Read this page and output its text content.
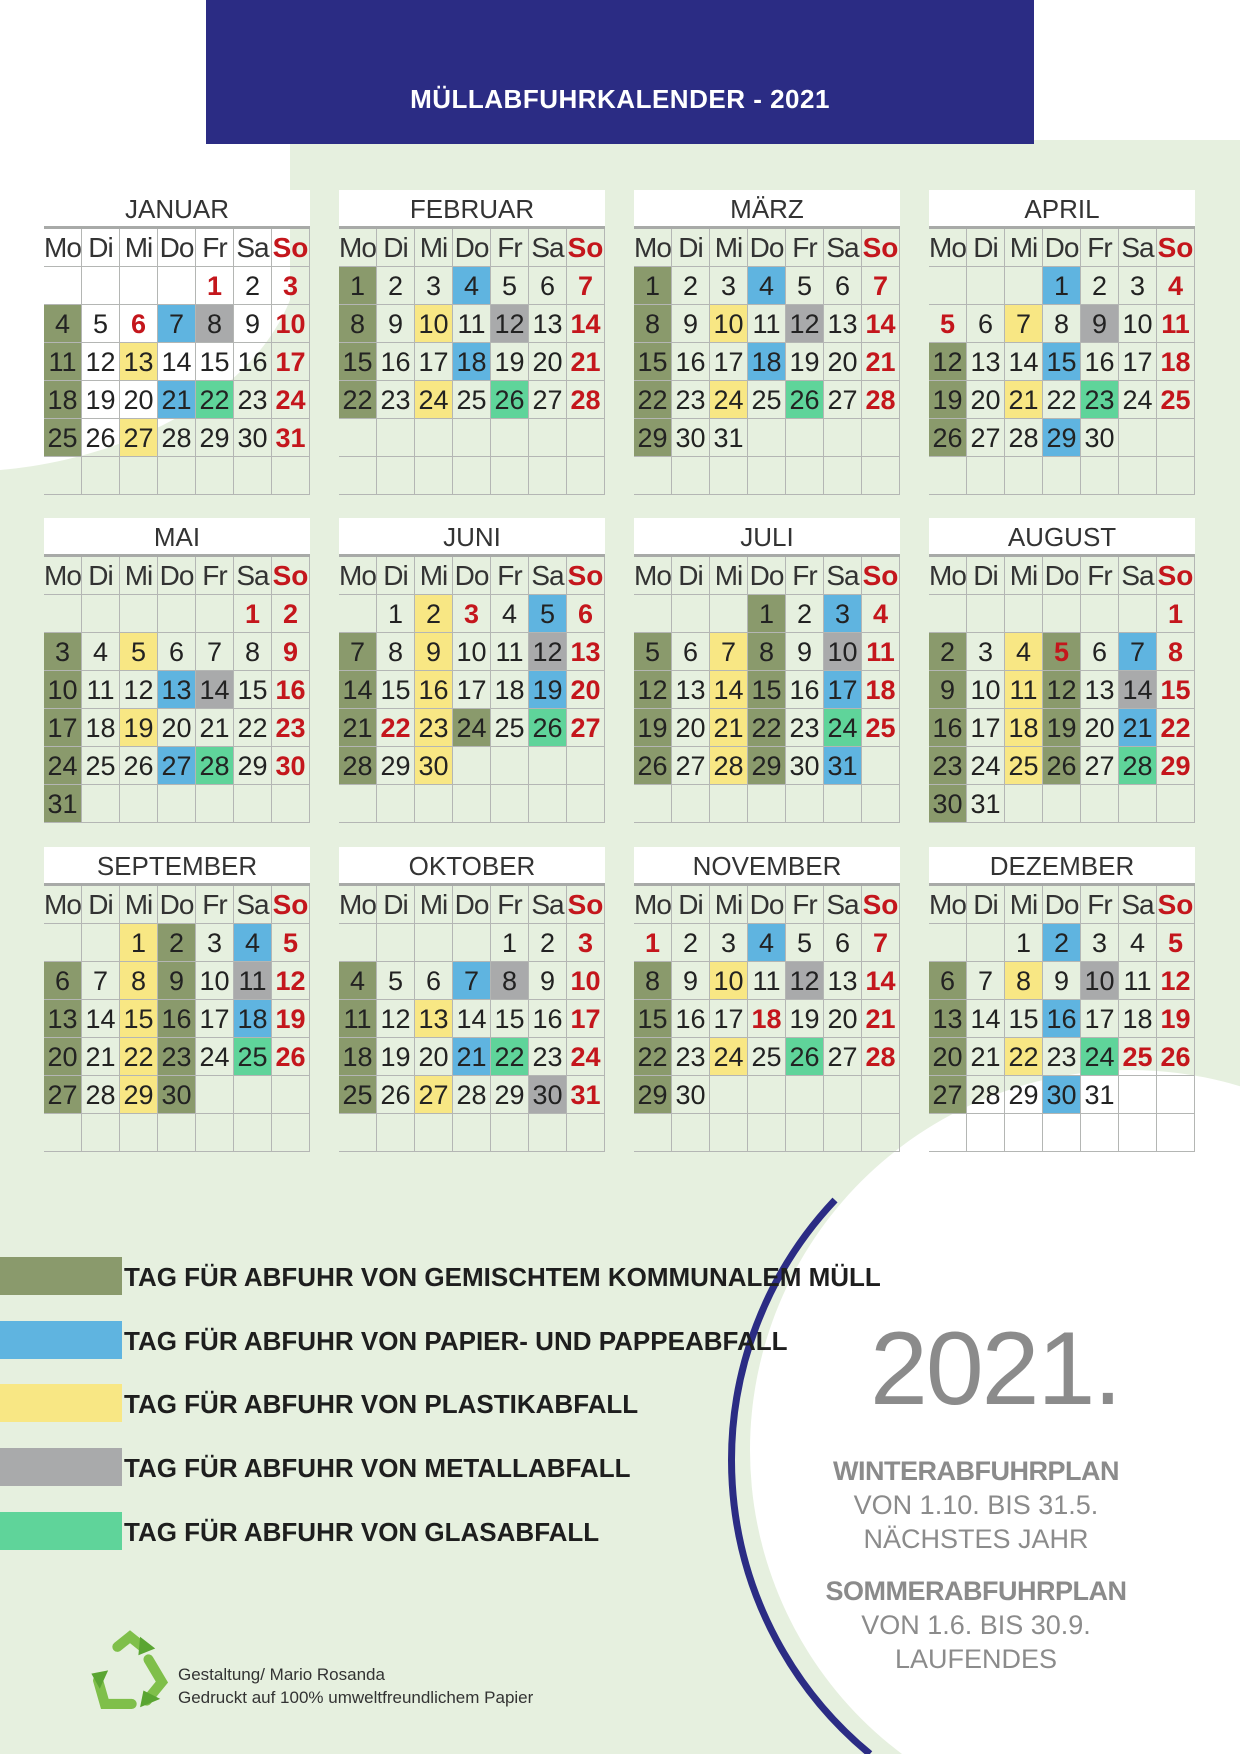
MÜLLABFUHRKALENDER - 2021
JANUAR
Mo Di Mi Do Fr Sa So
1 2 3
4 5 6 7 8 9 10
11 12 13 14 15 16 17
18 19 20 21 22 23 24
25 26 27 28 29 30 31
FEBRUAR
Mo Di Mi Do Fr Sa So
1 2 3 4 5 6 7
8 9 10 11 12 13 14
15 16 17 18 19 20 21
22 23 24 25 26 27 28
MÄRZ
Mo Di Mi Do Fr Sa So
1 2 3 4 5 6 7
8 9 10 11 12 13 14
15 16 17 18 19 20 21
22 23 24 25 26 27 28
29 30 31
APRIL
Mo Di Mi Do Fr Sa So
1 2 3 4
5 6 7 8 9 10 11
12 13 14 15 16 17 18
19 20 21 22 23 24 25
26 27 28 29 30
MAI
Mo Di Mi Do Fr Sa So
1 2
3 4 5 6 7 8 9
10 11 12 13 14 15 16
17 18 19 20 21 22 23
24 25 26 27 28 29 30
31
JUNI
Mo Di Mi Do Fr Sa So
1 2 3 4 5 6
7 8 9 10 11 12 13
14 15 16 17 18 19 20
21 22 23 24 25 26 27
28 29 30
JULI
Mo Di Mi Do Fr Sa So
1 2 3 4
5 6 7 8 9 10 11
12 13 14 15 16 17 18
19 20 21 22 23 24 25
26 27 28 29 30 31
AUGUST
Mo Di Mi Do Fr Sa So
1
2 3 4 5 6 7 8
9 10 11 12 13 14 15
16 17 18 19 20 21 22
23 24 25 26 27 28 29
30 31
SEPTEMBER
Mo Di Mi Do Fr Sa So
1 2 3 4 5
6 7 8 9 10 11 12
13 14 15 16 17 18 19
20 21 22 23 24 25 26
27 28 29 30
OKTOBER
Mo Di Mi Do Fr Sa So
1 2 3
4 5 6 7 8 9 10
11 12 13 14 15 16 17
18 19 20 21 22 23 24
25 26 27 28 29 30 31
NOVEMBER
Mo Di Mi Do Fr Sa So
1 2 3 4 5 6 7
8 9 10 11 12 13 14
15 16 17 18 19 20 21
22 23 24 25 26 27 28
29 30
DEZEMBER
Mo Di Mi Do Fr Sa So
1 2 3 4 5
6 7 8 9 10 11 12
13 14 15 16 17 18 19
20 21 22 23 24 25 26
27 28 29 30 31
TAG FÜR ABFUHR VON GEMISCHTEM KOMMUNALEM MÜLL
TAG FÜR ABFUHR VON PAPIER- UND PAPPEABFALL
TAG FÜR ABFUHR VON PLASTIKABFALL
TAG FÜR ABFUHR VON METALLABFALL
TAG FÜR ABFUHR VON GLASABFALL
2021.
WINTERABFUHRPLAN
VON 1.10. BIS 31.5.
NÄCHSTES JAHR
SOMMERABFUHRPLAN
VON 1.6. BIS 30.9. LAUFENDES
Gestaltung/ Mario Rosanda
Gedruckt auf 100% umweltfreundlichem Papier
